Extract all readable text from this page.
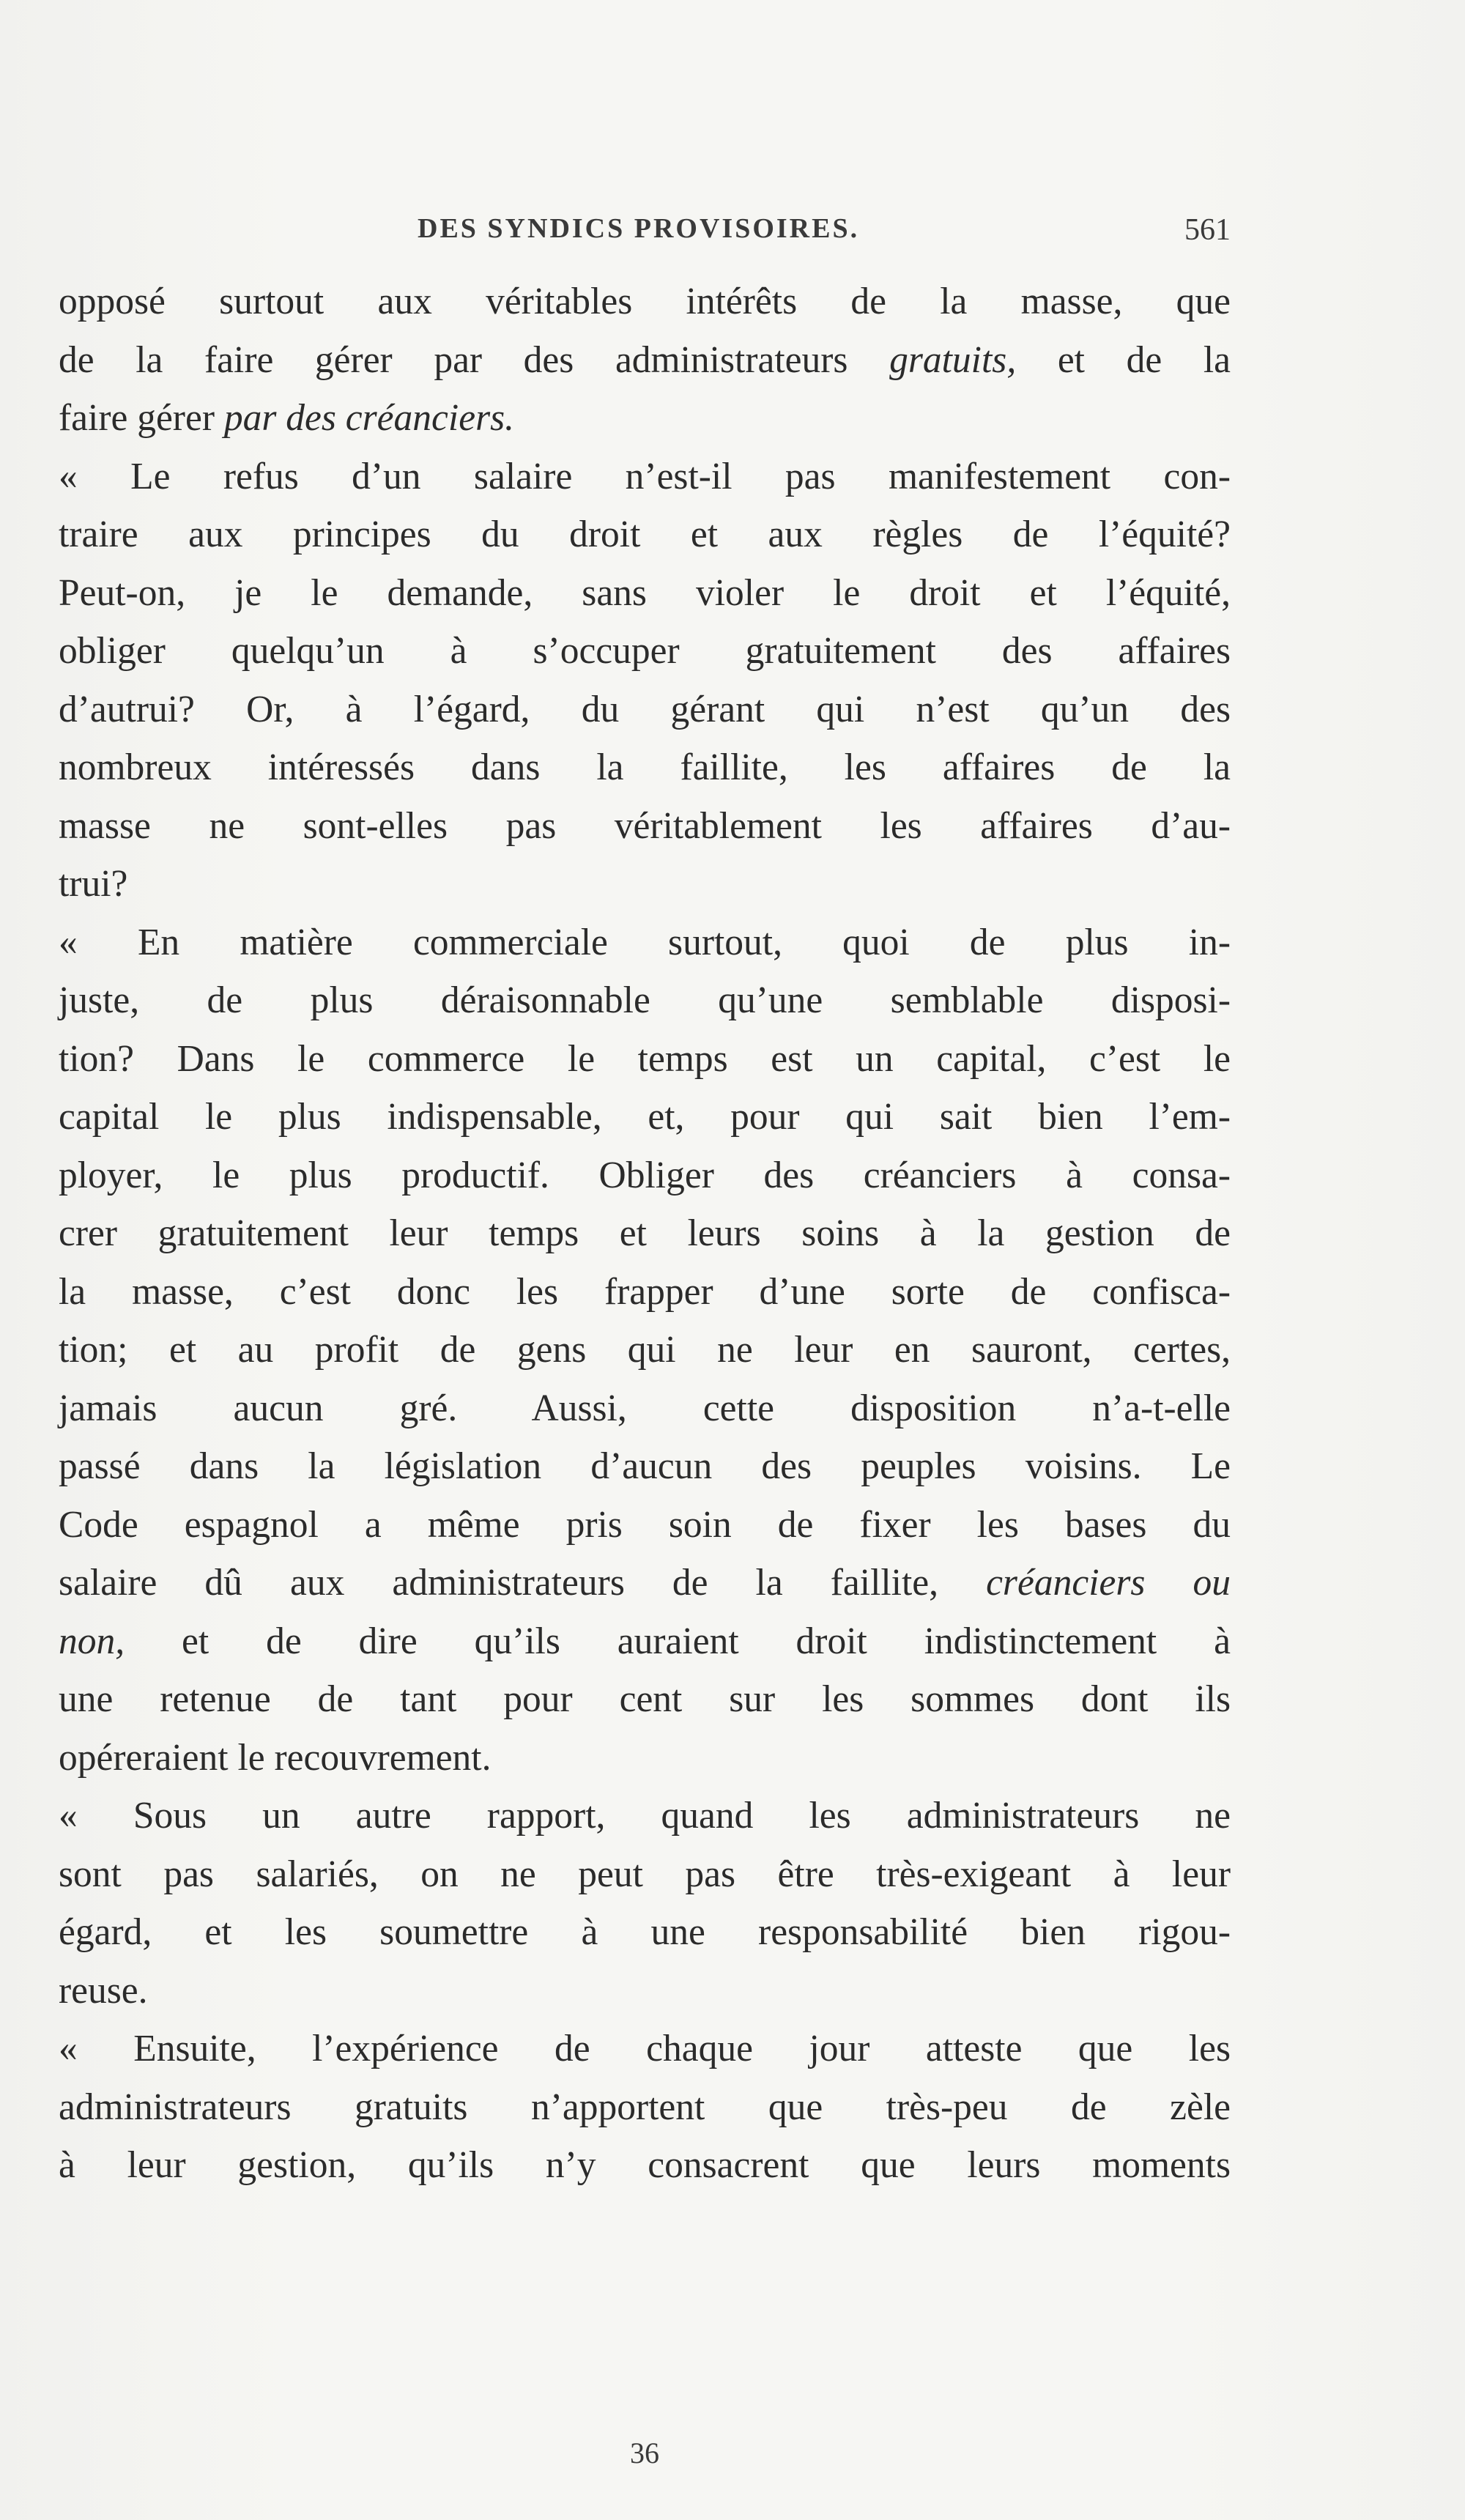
DES SYNDICS PROVISOIRES.	561
opposé surtout aux véritables intérêts de la masse, que
de la faire gérer par des administrateurs gratuits, et de la
faire gérer par des créanciers.
« Le refus d’un salaire n’est-il pas manifestement con-
traire aux principes du droit et aux règles de l’équité?
Peut-on, je le demande, sans violer le droit et l’équité,
obliger quelqu’un à s’occuper gratuitement des affaires
d’autrui? Or, à l’égard, du gérant qui n’est qu’un des
nombreux intéressés dans la faillite, les affaires de la
masse ne sont-elles pas véritablement les affaires d’au-
trui?
« En matière commerciale surtout, quoi de plus in-
juste, de plus déraisonnable qu’une semblable disposi-
tion? Dans le commerce le temps est un capital, c’est le
capital le plus indispensable, et, pour qui sait bien l’em-
ployer, le plus productif. Obliger des créanciers à consa-
crer gratuitement leur temps et leurs soins à la gestion de
la masse, c’est donc les frapper d’une sorte de confisca-
tion; et au profit de gens qui ne leur en sauront, certes,
jamais aucun gré. Aussi, cette disposition n’a-t-elle
passé dans la législation d’aucun des peuples voisins. Le
Code espagnol a même pris soin de fixer les bases du
salaire dû aux administrateurs de la faillite, créanciers ou
non, et de dire qu’ils auraient droit indistinctement à
une retenue de tant pour cent sur les sommes dont ils
opéreraient le recouvrement.
« Sous un autre rapport, quand les administrateurs ne
sont pas salariés, on ne peut pas être très-exigeant à leur
égard, et les soumettre à une responsabilité bien rigou-
reuse.
« Ensuite, l’expérience de chaque jour atteste que les
administrateurs gratuits n’apportent que très-peu de zèle
à leur gestion, qu’ils n’y consacrent que leurs moments
36
